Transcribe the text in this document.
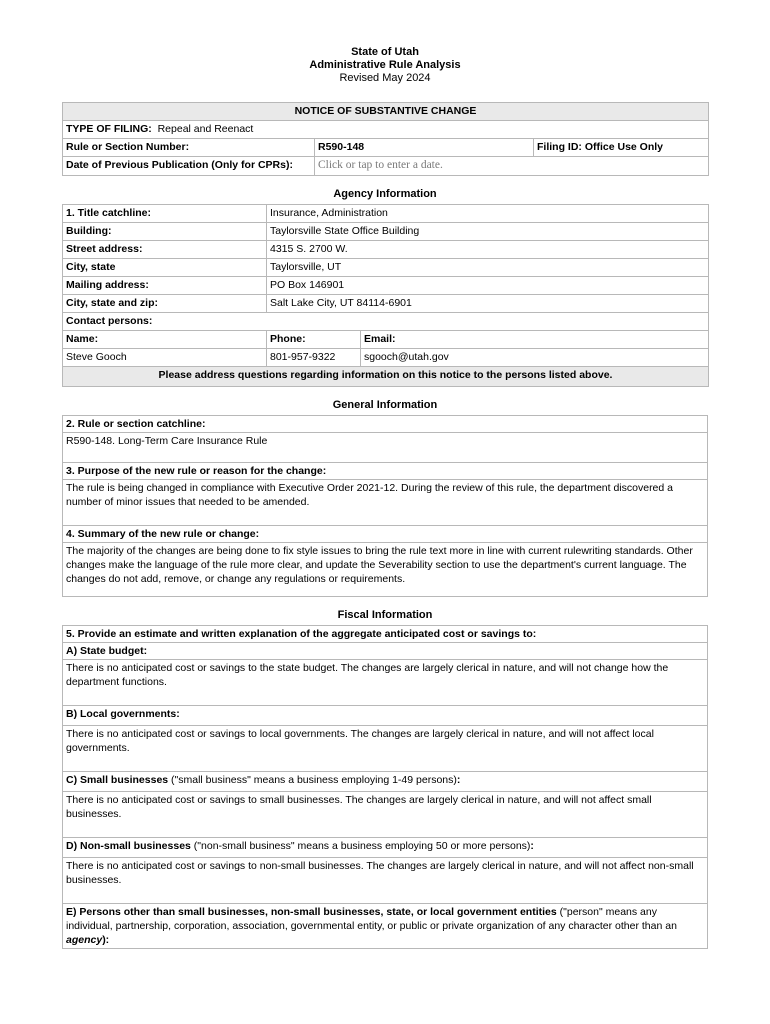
State of Utah
Administrative Rule Analysis
Revised May 2024
NOTICE OF SUBSTANTIVE CHANGE		
TYPE OF FILING: Repeal and Reenact		
Rule or Section Number:	R590-148	Filing ID: Office Use Only
Date of Previous Publication (Only for CPRs):	Click or tap to enter a date.	
Agency Information
1. Title catchline:	Insurance, Administration	
Building:	Taylorsville State Office Building	
Street address:	4315 S. 2700 W.	
City, state	Taylorsville, UT	
Mailing address:	PO Box 146901	
City, state and zip:	Salt Lake City, UT 84114-6901	
Contact persons:		
Name:	Phone:	Email:
Steve Gooch	801-957-9322	sgooch@utah.gov
Please address questions regarding information on this notice to the persons listed above.		
General Information
2. Rule or section catchline:
R590-148. Long-Term Care Insurance Rule
3. Purpose of the new rule or reason for the change:
The rule is being changed in compliance with Executive Order 2021-12. During the review of this rule, the department discovered a number of minor issues that needed to be amended.
4. Summary of the new rule or change:
The majority of the changes are being done to fix style issues to bring the rule text more in line with current rulewriting standards. Other changes make the language of the rule more clear, and update the Severability section to use the department's current language. The changes do not add, remove, or change any regulations or requirements.
Fiscal Information
5. Provide an estimate and written explanation of the aggregate anticipated cost or savings to:
A) State budget:
There is no anticipated cost or savings to the state budget. The changes are largely clerical in nature, and will not change how the department functions.
B) Local governments:
There is no anticipated cost or savings to local governments. The changes are largely clerical in nature, and will not affect local governments.
C) Small businesses ("small business" means a business employing 1-49 persons):
There is no anticipated cost or savings to small businesses. The changes are largely clerical in nature, and will not affect small businesses.
D) Non-small businesses ("non-small business" means a business employing 50 or more persons):
There is no anticipated cost or savings to non-small businesses. The changes are largely clerical in nature, and will not affect non-small businesses.
E) Persons other than small businesses, non-small businesses, state, or local government entities ("person" means any individual, partnership, corporation, association, governmental entity, or public or private organization of any character other than an agency):
